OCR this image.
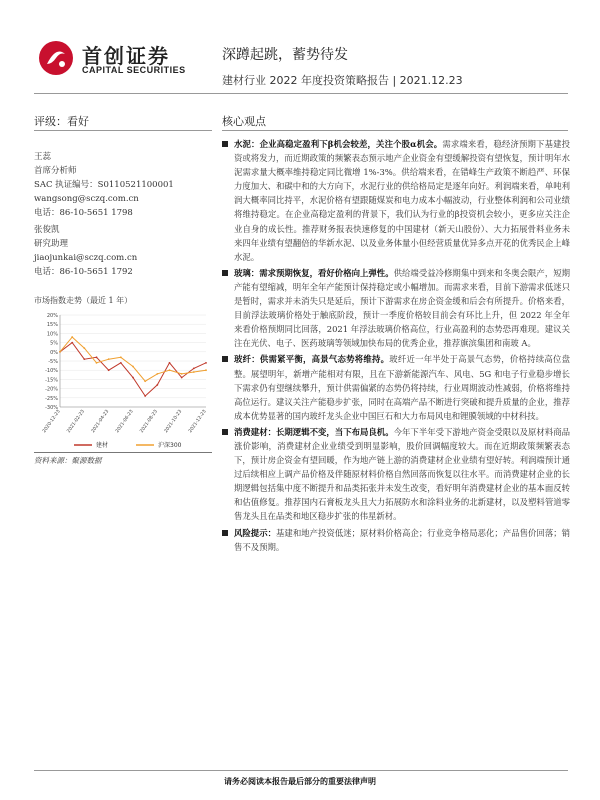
首创证券
CAPITAL SECURITIES
深蹲起跳，蓄势待发
建材行业 2022 年度投资策略报告 | 2021.12.23
评级：看好	核心观点
王蕊
首席分析师
SAC 执证编号：S0110521100001
wangsong@sczq.com.cn
电话：86-10-5651 1798
张俊凯
研究助理
jiaojunkai@sczq.com.cn
电话：86-10-5651 1792
市场指数走势（最近 1 年）
20%
15%
10%
5%
0%
-5%
-10%
-15%
-20%
-25%
-30%
2020-12-23 2021-02-23 2021-04-23 2021-06-23 2021-08-23 2021-10-23 2021-12-23
建材	沪深300
资料来源：聚源数据
水泥：企业高稳定盈利下β机会较差，关注个股α机会。需求端来看，稳经济预期下基建投资或将发力，而近期政策的频繁表态预示地产企业资金有望缓解投资有望恢复，预计明年水泥需求量大概率维持稳定同比微增 1%-3%。供给端来看，在错峰生产政策不断趋严、环保力度加大、和碳中和的大方向下，水泥行业的供给格局定是逐年向好。利润端来看，单吨利润大概率同比持平，水泥价格有望跟随煤炭和电力成本小幅波动，行业整体利润和公司业绩将维持稳定。在企业高稳定盈利的背景下，我们认为行业的β投资机会较小，更多应关注企业自身的成长性。推荐财务报表快速修复的中国建材（新天山股份）、大力拓展骨料业务未来四年业绩有望翻倍的华新水泥、以及业务体量小但经营质量优异多点开花的优秀民企上峰水泥。
玻璃：需求预期恢复，看好价格向上弹性。供给端受益冷修期集中到来和冬奥会限产，短期产能有望缩减，明年全年产能预计保持稳定或小幅增加。而需求来看，目前下游需求低迷只是暂时，需求并未消失只是延后，预计下游需求在房企资金缓和后会有所提升。价格来看，目前浮法玻璃价格处于触底阶段，预计一季度价格较目前会有环比上升，但 2022 年全年来看价格预期同比回落，2021 年浮法玻璃价格高位，行业高盈利的态势恐再难现。建议关注在光伏、电子、医药玻璃等领域加快布局的优秀企业，推荐旗滨集团和南玻 A。
玻纤：供需紧平衡，高景气态势将维持。玻纤近一年半处于高景气态势，价格持续高位盘整。展望明年，新增产能相对有限，且在下游新能源汽车、风电、5G 和电子行业稳步增长下需求仍有望继续攀升，预计供需偏紧的态势仍将持续，行业周期波动性减弱，价格将维持高位运行。建议关注产能稳步扩张，同时在高端产品不断进行突破和提升质量的企业，推荐成本优势显著的国内玻纤龙头企业中国巨石和大力布局风电和锂膜领域的中材科技。
消费建材：长期逻辑不变，当下布局良机。今年下半年受下游地产资金受限以及原材料商品涨价影响，消费建材企业业绩受到明显影响，股价回调幅度较大。而在近期政策频繁表态下，预计房企资金有望回暖，作为地产链上游的消费建材企业业绩有望好转。利润端预计通过后续相应上调产品价格及伴随原材料价格自然回落而恢复以往水平。而消费建材企业的长期逻辑包括集中度不断提升和品类拓张并未发生改变，看好明年消费建材企业的基本面反转和估值修复。推荐国内石膏板龙头且大力拓展防水和涂料业务的北新建材，以及塑料管道零售龙头且在品类和地区稳步扩张的伟星新材。
风险提示：基建和地产投资低迷；原材料价格高企；行业竞争格局恶化；产品售价回落；销售不及预期。
请务必阅读本报告最后部分的重要法律声明
